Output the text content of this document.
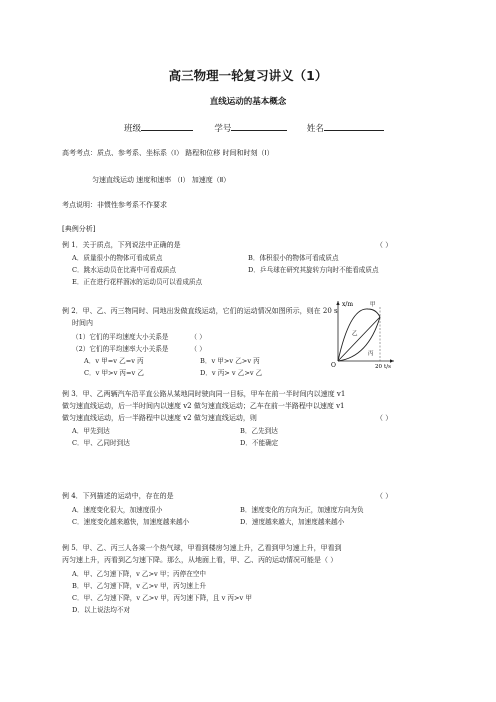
高三物理一轮复习讲义（1）
直线运动的基本概念
班级	学号	姓名
高考考点：质点、参考系、坐标系（Ⅰ） 路程和位移 时间和时刻（Ⅰ）
匀速直线运动 速度和速率 （Ⅰ） 加速度（Ⅱ）
考点说明：非惯性参考系不作要求
[典例分析]
例 1．关于质点，下列说法中正确的是	（ ）
A．质量很小的物体可看成质点	B．体积很小的物体可看成质点
C．跳水运动员在比赛中可看成质点	D．乒乓球在研究其旋转方向时不能看成质点
E．正在进行花样溜冰的运动员可以看成质点
例 2．甲、乙、丙三物同时、同地出发做直线运动，它们的运动情况如图所示，则在 20 s
时间内
（1）它们的平均速度大小关系是	（ ）
（2）它们的平均速率大小关系是	（ ）
A．v 甲=v 乙=v 丙	B．v 甲>v 乙>v 丙
C．v 甲>v 丙=v 乙	D．v 丙> v 乙>v 乙
x/m
t/s
O	20
甲
乙
丙
例 3．甲、乙两辆汽车沿平直公路从某地同时驶向同一目标，甲车在前一半时间内以速度 v1
做匀速直线运动，后一半时间内以速度 v2 做匀速直线运动；乙车在前一半路程中以速度 v1
做匀速直线运动，后一半路程中以速度 v2 做匀速直线运动，则	（ ）
A．甲先到达	B．乙先到达
C．甲、乙同时到达	D．不能确定
例 4．下列描述的运动中，存在的是	（ ）
A．速度变化很大，加速度很小	B．速度变化的方向为正，加速度方向为负
C．速度变化越来越快，加速度越来越小	D．速度越来越大，加速度越来越小
例 5．甲、乙、丙三人各乘一个热气球，甲看到楼房匀速上升，乙看到甲匀速上升，甲看到
丙匀速上升，丙看到乙匀速下降。那么，从地面上看，甲、乙、丙的运动情况可能是（ ）
A．甲、乙匀速下降，v 乙>v 甲；丙停在空中
B．甲、乙匀速下降，v 乙>v 甲，丙匀速上升
C．甲、乙匀速下降，v 乙>v 甲，丙匀速下降，且 v 丙>v 甲
D．以上说法均不对
